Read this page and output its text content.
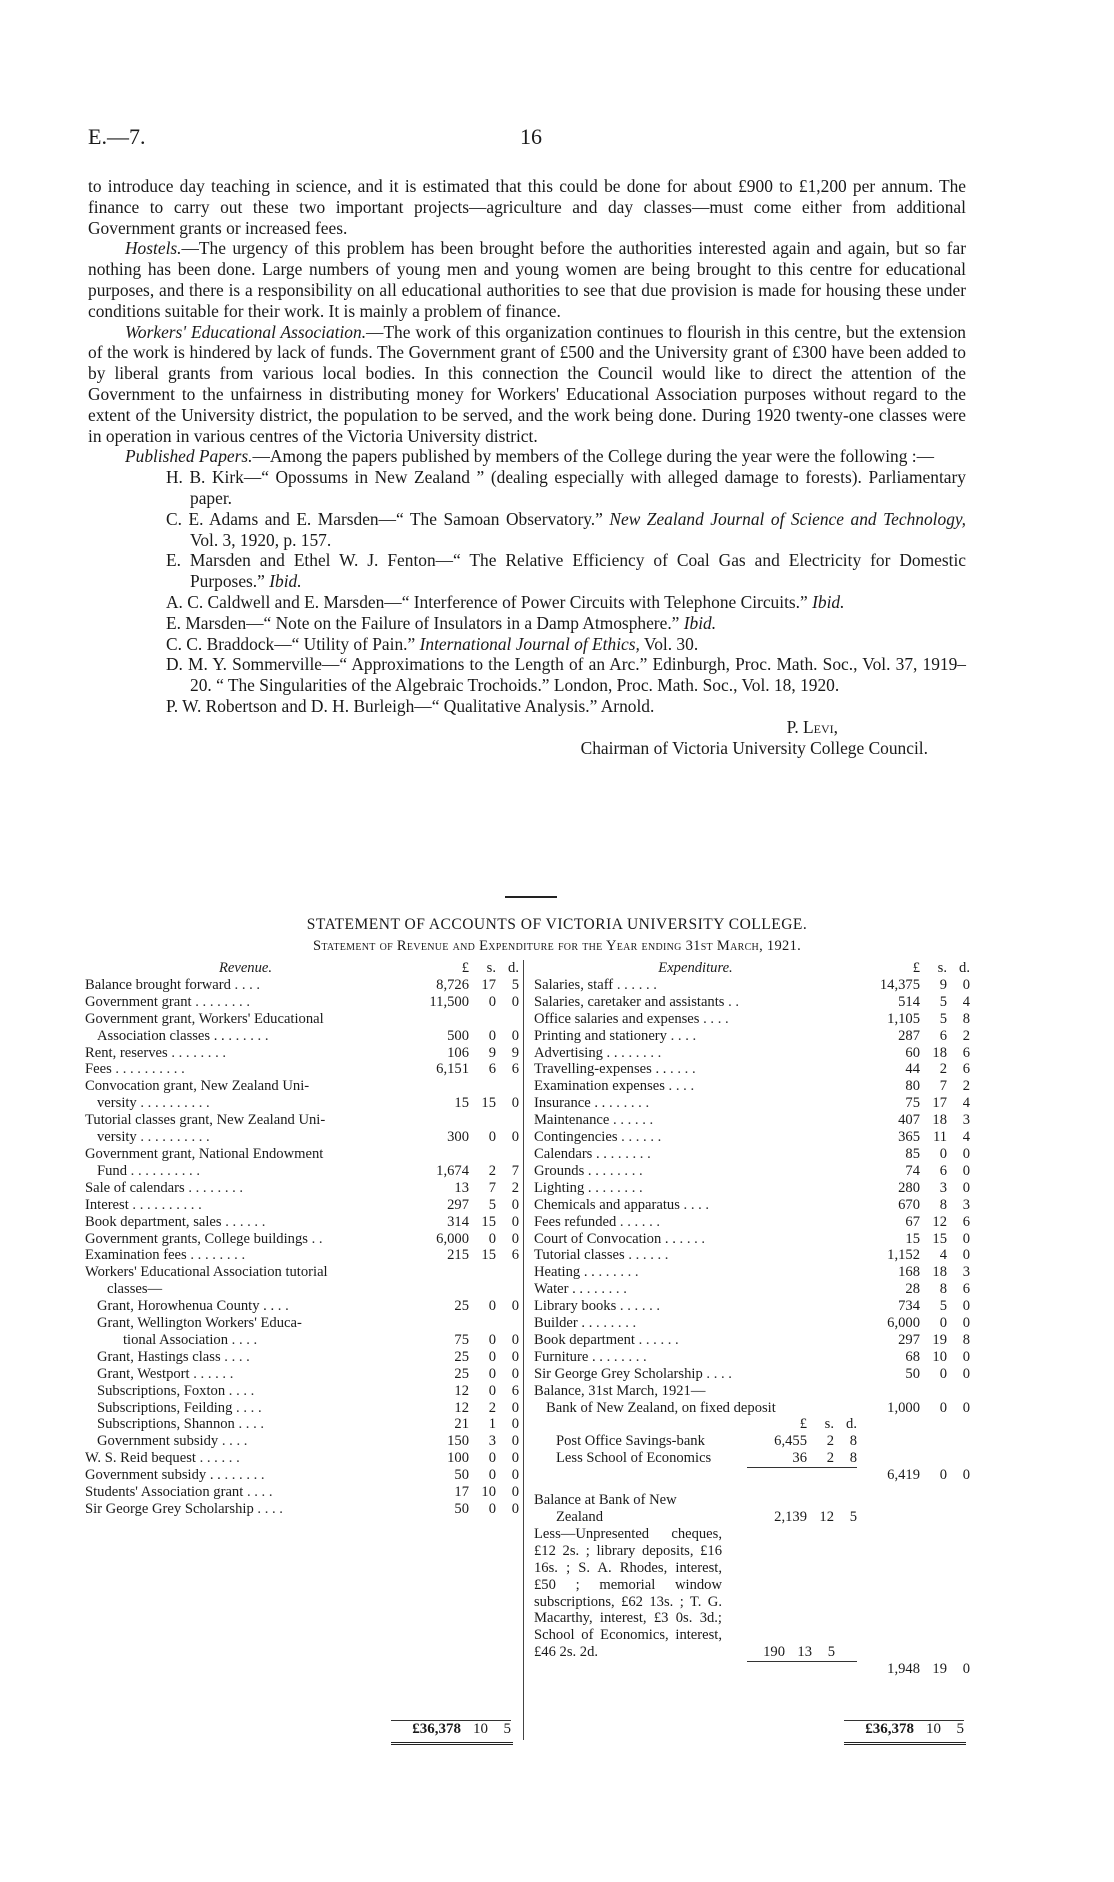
E.—7.	16

to introduce day teaching in science, and it is estimated that this could be done for about £900 to £1,200 per annum. The finance to carry out these two important projects—agriculture and day classes—must come either from additional Government grants or increased fees.

Hostels.—The urgency of this problem has been brought before the authorities interested again and again, but so far nothing has been done. Large numbers of young men and young women are being brought to this centre for educational purposes, and there is a responsibility on all educational authorities to see that due provision is made for housing these under conditions suitable for their work. It is mainly a problem of finance.

Workers' Educational Association.—The work of this organization continues to flourish in this centre, but the extension of the work is hindered by lack of funds. The Government grant of £500 and the University grant of £300 have been added to by liberal grants from various local bodies. In this connection the Council would like to direct the attention of the Government to the unfairness in distributing money for Workers' Educational Association purposes without regard to the extent of the University district, the population to be served, and the work being done. During 1920 twenty-one classes were in operation in various centres of the Victoria University district.

Published Papers.—Among the papers published by members of the College during the year were the following :—

H. B. Kirk—“ Opossums in New Zealand ” (dealing especially with alleged damage to forests). Parliamentary paper.

C. E. Adams and E. Marsden—“ The Samoan Observatory.” New Zealand Journal of Science and Technology, Vol. 3, 1920, p. 157.

E. Marsden and Ethel W. J. Fenton—“ The Relative Efficiency of Coal Gas and Electricity for Domestic Purposes.” Ibid.

A. C. Caldwell and E. Marsden—“ Interference of Power Circuits with Telephone Circuits.” Ibid.

E. Marsden—“ Note on the Failure of Insulators in a Damp Atmosphere.” Ibid.

C. C. Braddock—“ Utility of Pain.” International Journal of Ethics, Vol. 30.

D. M. Y. Sommerville—“ Approximations to the Length of an Arc.” Edinburgh, Proc. Math. Soc., Vol. 37, 1919–20. “ The Singularities of the Algebraic Trochoids.” London, Proc. Math. Soc., Vol. 18, 1920.

P. W. Robertson and D. H. Burleigh—“ Qualitative Analysis.” Arnold.

P. Levi,

Chairman of Victoria University College Council.

STATEMENT OF ACCOUNTS OF VICTORIA UNIVERSITY COLLEGE.
Statement of Revenue and Expenditure for the Year ending 31st March, 1921.
Revenue.	£	s. d.
Balance brought forward . . . .	8,726 17	5
Government grant . . . . . . . .	11,500	0	0
Government grant, Workers' Educational
Association classes . . . . . . . .	500	0	0
Rent, reserves . . . . . . . .	106	9	9
Fees . . . . . . . . . .	6,151	6	6
Convocation grant, New Zealand Uni-
versity . . . . . . . . . .	15 15	0
Tutorial classes grant, New Zealand Uni-
versity . . . . . . . . . .	300	0	0
Government grant, National Endowment
Fund . . . . . . . . . .	1,674	2	7
Sale of calendars . . . . . . . .	13	7	2
Interest . . . . . . . . . .	297	5	0
Book department, sales . . . . . .	314 15	0
Government grants, College buildings . .	6,000	0	0
Examination fees . . . . . . . .	215 15	6
Workers' Educational Association tutorial
classes—
Grant, Horowhenua County . . . .	25	0	0
Grant, Wellington Workers' Educa-
tional Association . . . .	75	0	0
Grant, Hastings class . . . .	25	0	0
Grant, Westport . . . . . .	25	0	0
Subscriptions, Foxton . . . .	12	0	6
Subscriptions, Feilding . . . .	12	2	0
Subscriptions, Shannon . . . .	21	1	0
Government subsidy . . . .	150	3	0
W. S. Reid bequest . . . . . .	100	0	0
Government subsidy . . . . . . . .	50	0	0
Students' Association grant . . . .	17 10	0
Sir George Grey Scholarship . . . .	50	0	0
Expenditure.	£	s. d.
Salaries, staff . . . . . .	14,375	9	0
Salaries, caretaker and assistants . .	514	5	4
Office salaries and expenses . . . .	1,105	5	8
Printing and stationery . . . .	287	6	2
Advertising . . . . . . . .	60 18	6
Travelling-expenses . . . . . .	44	2	6
Examination expenses . . . .	80	7	2
Insurance . . . . . . . .	75 17	4
Maintenance . . . . . .	407 18	3
Contingencies . . . . . .	365 11	4
Calendars . . . . . . . .	85	0	0
Grounds . . . . . . . .	74	6	0
Lighting . . . . . . . .	280	3	0
Chemicals and apparatus . . . .	670	8	3
Fees refunded . . . . . .	67 12	6
Court of Convocation . . . . . .	15 15	0
Tutorial classes . . . . . .	1,152	4	0
Heating . . . . . . . .	168 18	3
Water . . . . . . . .	28	8	6
Library books . . . . . .	734	5	0
Builder . . . . . . . .	6,000	0	0
Book department . . . . . .	297 19	8
Furniture . . . . . . . .	68 10	0
Sir George Grey Scholarship . . . .	50	0	0
Balance, 31st March, 1921—
Bank of New Zealand, on fixed deposit	1,000	0	0
£	s. d.
Post Office Savings-bank	6,455	2	8
Less School of Economics	36	2	8
6,419	0	0
Balance at Bank of New
Zealand	2,139 12	5
Less—Unpresented cheques, £12 2s. ; library deposits, £16 16s. ; S. A. Rhodes, interest, £50 ; memorial window subscriptions, £62 13s. ; T. G. Macarthy, interest, £3 0s. 3d.; School of Economics, interest, £46 2s. 2d.	190 13	5
1,948 19	0
£36,378 10	5	£36,378 10	5
